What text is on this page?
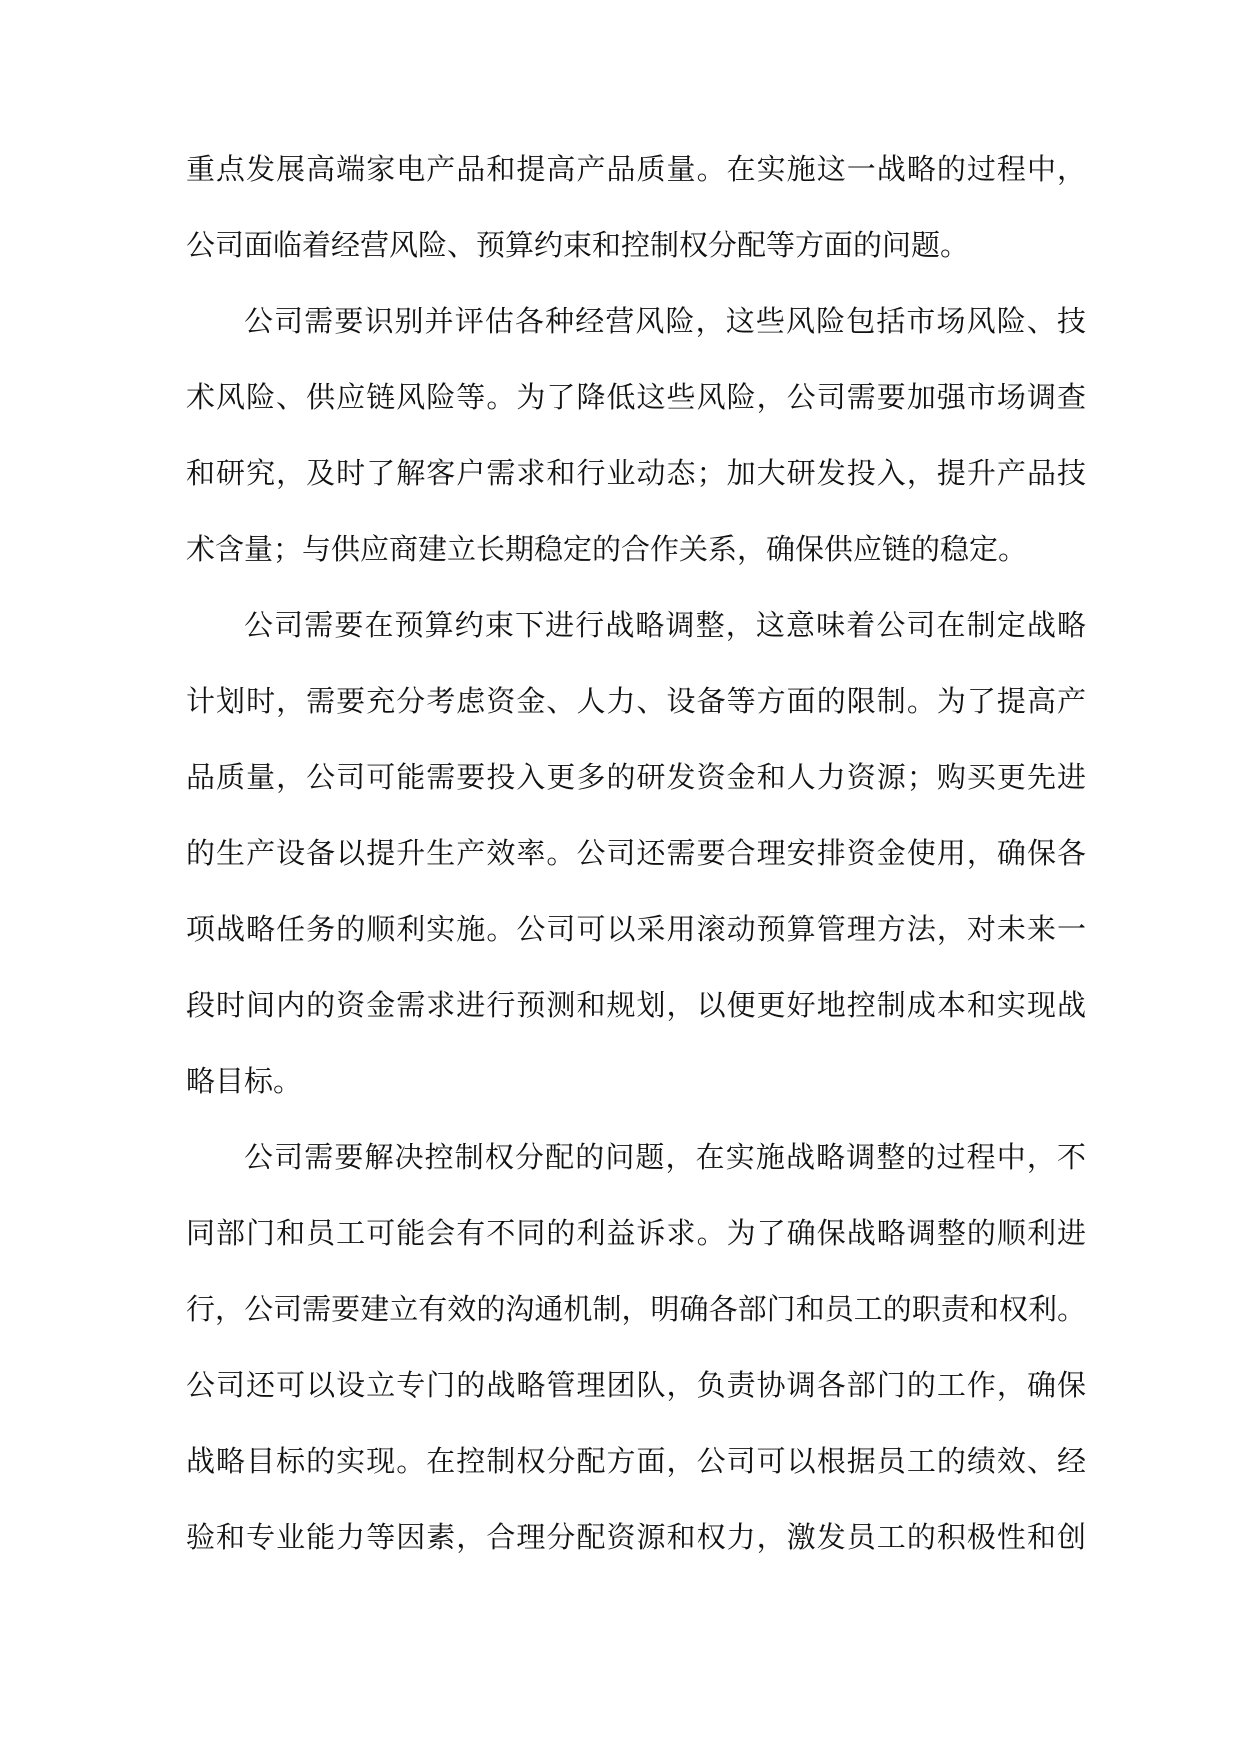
重点发展高端家电产品和提高产品质量。在实施这一战略的过程中，
公司面临着经营风险、预算约束和控制权分配等方面的问题。
公司需要识别并评估各种经营风险，这些风险包括市场风险、技
术风险、供应链风险等。为了降低这些风险，公司需要加强市场调查
和研究，及时了解客户需求和行业动态；加大研发投入，提升产品技
术含量；与供应商建立长期稳定的合作关系，确保供应链的稳定。
公司需要在预算约束下进行战略调整，这意味着公司在制定战略
计划时，需要充分考虑资金、人力、设备等方面的限制。为了提高产
品质量，公司可能需要投入更多的研发资金和人力资源；购买更先进
的生产设备以提升生产效率。公司还需要合理安排资金使用，确保各
项战略任务的顺利实施。公司可以采用滚动预算管理方法，对未来一
段时间内的资金需求进行预测和规划，以便更好地控制成本和实现战
略目标。
公司需要解决控制权分配的问题，在实施战略调整的过程中，不
同部门和员工可能会有不同的利益诉求。为了确保战略调整的顺利进
行，公司需要建立有效的沟通机制，明确各部门和员工的职责和权利。
公司还可以设立专门的战略管理团队，负责协调各部门的工作，确保
战略目标的实现。在控制权分配方面，公司可以根据员工的绩效、经
验和专业能力等因素，合理分配资源和权力，激发员工的积极性和创
